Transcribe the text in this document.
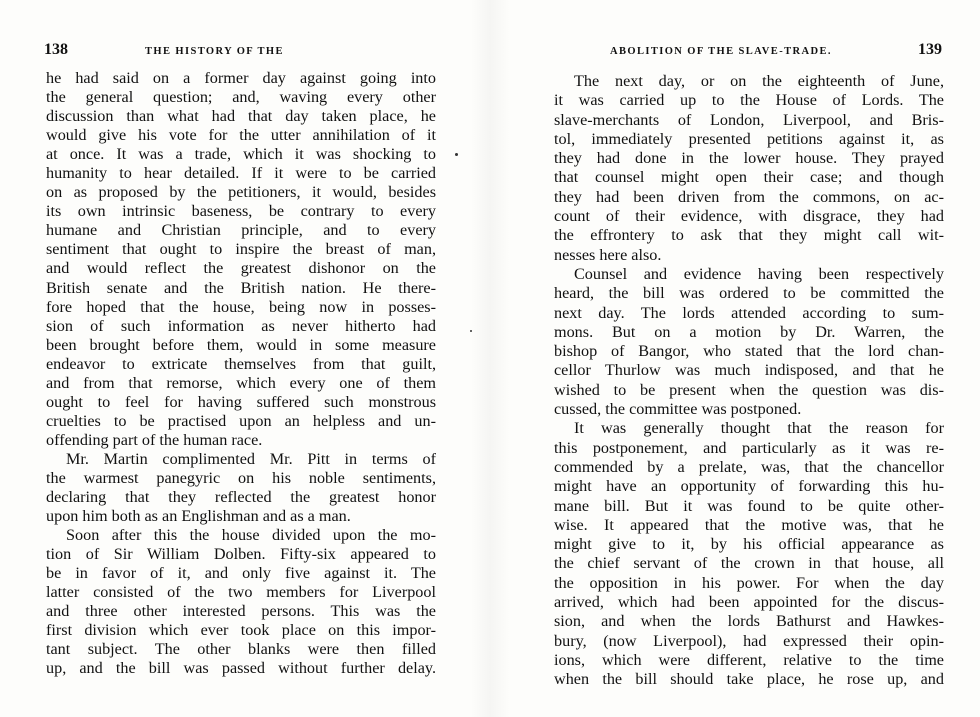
138	THE HISTORY OF THE
he had said on a former day against going into
the general question; and, waving every other
discussion than what had that day taken place, he
would give his vote for the utter annihilation of it
at once. It was a trade, which it was shocking to
humanity to hear detailed. If it were to be carried
on as proposed by the petitioners, it would, besides
its own intrinsic baseness, be contrary to every
humane and Christian principle, and to every
sentiment that ought to inspire the breast of man,
and would reflect the greatest dishonor on the
British senate and the British nation. He there-
fore hoped that the house, being now in posses-
sion of such information as never hitherto had
been brought before them, would in some measure
endeavor to extricate themselves from that guilt,
and from that remorse, which every one of them
ought to feel for having suffered such monstrous
cruelties to be practised upon an helpless and un-
offending part of the human race.
Mr. Martin complimented Mr. Pitt in terms of
the warmest panegyric on his noble sentiments,
declaring that they reflected the greatest honor
upon him both as an Englishman and as a man.
Soon after this the house divided upon the mo-
tion of Sir William Dolben. Fifty-six appeared to
be in favor of it, and only five against it. The
latter consisted of the two members for Liverpool
and three other interested persons. This was the
first division which ever took place on this impor-
tant subject. The other blanks were then filled
up, and the bill was passed without further delay.
ABOLITION OF THE SLAVE-TRADE.	139
The next day, or on the eighteenth of June,
it was carried up to the House of Lords. The
slave-merchants of London, Liverpool, and Bris-
tol, immediately presented petitions against it, as
they had done in the lower house. They prayed
that counsel might open their case; and though
they had been driven from the commons, on ac-
count of their evidence, with disgrace, they had
the effrontery to ask that they might call wit-
nesses here also.
Counsel and evidence having been respectively
heard, the bill was ordered to be committed the
next day. The lords attended according to sum-
mons. But on a motion by Dr. Warren, the
bishop of Bangor, who stated that the lord chan-
cellor Thurlow was much indisposed, and that he
wished to be present when the question was dis-
cussed, the committee was postponed.
It was generally thought that the reason for
this postponement, and particularly as it was re-
commended by a prelate, was, that the chancellor
might have an opportunity of forwarding this hu-
mane bill. But it was found to be quite other-
wise. It appeared that the motive was, that he
might give to it, by his official appearance as
the chief servant of the crown in that house, all
the opposition in his power. For when the day
arrived, which had been appointed for the discus-
sion, and when the lords Bathurst and Hawkes-
bury, (now Liverpool), had expressed their opin-
ions, which were different, relative to the time
when the bill should take place, he rose up, and
